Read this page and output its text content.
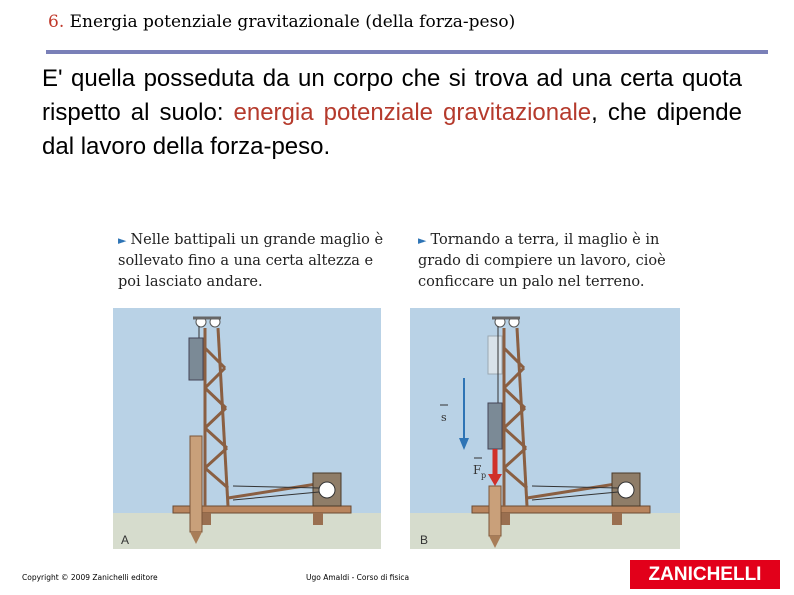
6. Energia potenziale gravitazionale (della forza-peso)
E' quella posseduta da un corpo che si trova ad una certa quota rispetto al suolo: energia potenziale gravitazionale, che dipende dal lavoro della forza-peso.
► Nelle battipali un grande maglio è sollevato fino a una certa altezza e poi lasciato andare.
► Tornando a terra, il maglio è in grado di compiere un lavoro, cioè conficcare un palo nel terreno.
A
s
F p
B
Copyright © 2009 Zanichelli editore	Ugo Amaldi - Corso di fisica	ZANICHELLI
